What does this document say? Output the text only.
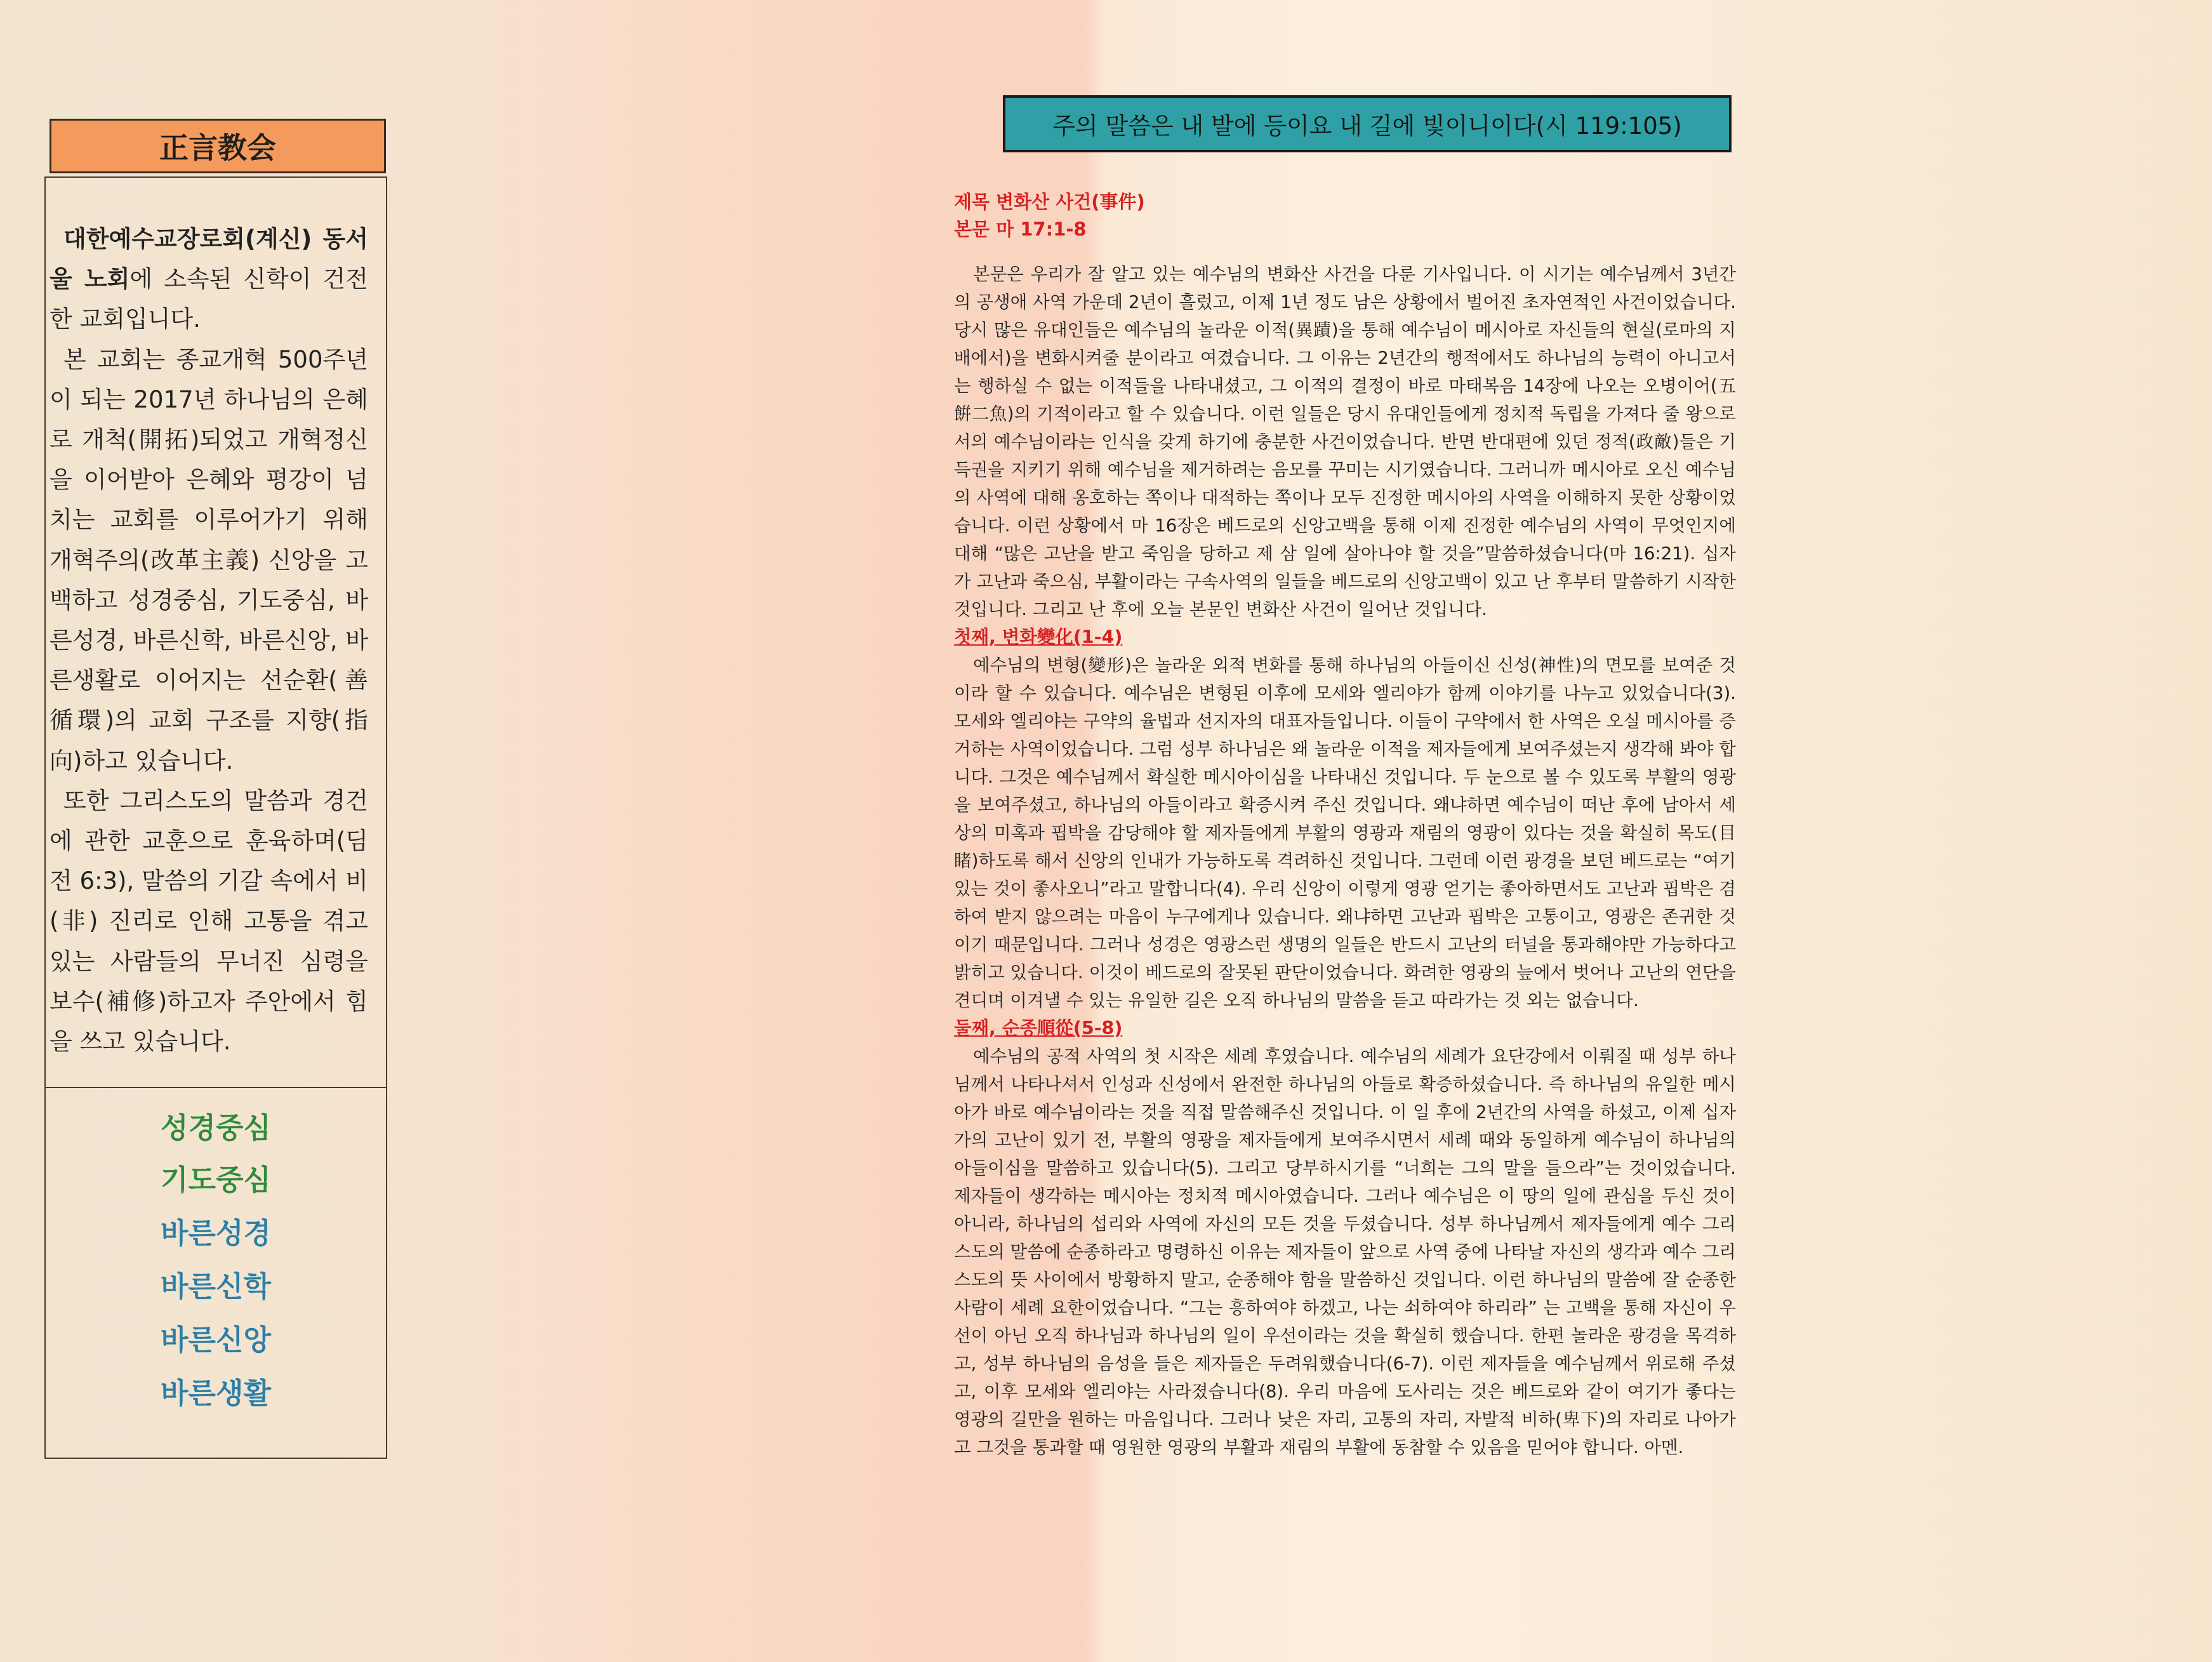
正言教会

대한예수교장로회(계신) 동서울 노회에 소속된 신학이 건전한 교회입니다.

본 교회는 종교개혁 500주년이 되는 2017년 하나님의 은혜로 개척(開拓)되었고 개혁정신을 이어받아 은혜와 평강이 넘치는 교회를 이루어가기 위해 개혁주의(改革主義) 신앙을 고백하고 성경중심, 기도중심, 바른성경, 바른신학, 바른신앙, 바른생활로 이어지는 선순환(善循環)의 교회 구조를 지향(指向)하고 있습니다.

또한 그리스도의 말씀과 경건에 관한 교훈으로 훈육하며(딤전 6:3), 말씀의 기갈 속에서 비(非) 진리로 인해 고통을 겪고 있는 사람들의 무너진 심령을 보수(補修)하고자 주안에서 힘을 쓰고 있습니다.

성경중심
기도중심
바른성경
바른신학
바른신앙
바른생활
주의 말씀은 내 발에 등이요 내 길에 빛이니이다(시 119:105)
제목 변화산 사건(事件)
본문 마 17:1-8

본문은 우리가 잘 알고 있는 예수님의 변화산 사건을 다룬 기사입니다. 이 시기는 예수님께서 3년간의 공생애 사역 가운데 2년이 흘렀고, 이제 1년 정도 남은 상황에서 벌어진 초자연적인 사건이었습니다. 당시 많은 유대인들은 예수님의 놀라운 이적(異蹟)을 통해 예수님이 메시아로 자신들의 현실(로마의 지배에서)을 변화시켜줄 분이라고 여겼습니다. 그 이유는 2년간의 행적에서도 하나님의 능력이 아니고서는 행하실 수 없는 이적들을 나타내셨고, 그 이적의 결정이 바로 마태복음 14장에 나오는 오병이어(五餠二魚)의 기적이라고 할 수 있습니다. 이런 일들은 당시 유대인들에게 정치적 독립을 가져다 줄 왕으로서의 예수님이라는 인식을 갖게 하기에 충분한 사건이었습니다. 반면 반대편에 있던 정적(政敵)들은 기득권을 지키기 위해 예수님을 제거하려는 음모를 꾸미는 시기였습니다. 그러니까 메시아로 오신 예수님의 사역에 대해 옹호하는 쪽이나 대적하는 쪽이나 모두 진정한 메시아의 사역을 이해하지 못한 상황이었습니다. 이런 상황에서 마 16장은 베드로의 신앙고백을 통해 이제 진정한 예수님의 사역이 무엇인지에 대해 “많은 고난을 받고 죽임을 당하고 제 삼 일에 살아나야 할 것을”말씀하셨습니다(마 16:21). 십자가 고난과 죽으심, 부활이라는 구속사역의 일들을 베드로의 신앙고백이 있고 난 후부터 말씀하기 시작한 것입니다. 그리고 난 후에 오늘 본문인 변화산 사건이 일어난 것입니다.

첫째, 변화變化(1-4)

예수님의 변형(變形)은 놀라운 외적 변화를 통해 하나님의 아들이신 신성(神性)의 면모를 보여준 것이라 할 수 있습니다. 예수님은 변형된 이후에 모세와 엘리야가 함께 이야기를 나누고 있었습니다(3). 모세와 엘리야는 구약의 율법과 선지자의 대표자들입니다. 이들이 구약에서 한 사역은 오실 메시아를 증거하는 사역이었습니다. 그럼 성부 하나님은 왜 놀라운 이적을 제자들에게 보여주셨는지 생각해 봐야 합니다. 그것은 예수님께서 확실한 메시아이심을 나타내신 것입니다. 두 눈으로 볼 수 있도록 부활의 영광을 보여주셨고, 하나님의 아들이라고 확증시켜 주신 것입니다. 왜냐하면 예수님이 떠난 후에 남아서 세상의 미혹과 핍박을 감당해야 할 제자들에게 부활의 영광과 재림의 영광이 있다는 것을 확실히 목도(目睹)하도록 해서 신앙의 인내가 가능하도록 격려하신 것입니다. 그런데 이런 광경을 보던 베드로는 “여기 있는 것이 좋사오니”라고 말합니다(4). 우리 신앙이 이렇게 영광 얻기는 좋아하면서도 고난과 핍박은 겸하여 받지 않으려는 마음이 누구에게나 있습니다. 왜냐하면 고난과 핍박은 고통이고, 영광은 존귀한 것이기 때문입니다. 그러나 성경은 영광스런 생명의 일들은 반드시 고난의 터널을 통과해야만 가능하다고 밝히고 있습니다. 이것이 베드로의 잘못된 판단이었습니다. 화려한 영광의 늪에서 벗어나 고난의 연단을 견디며 이겨낼 수 있는 유일한 길은 오직 하나님의 말씀을 듣고 따라가는 것 외는 없습니다.

둘째, 순종順從(5-8)

예수님의 공적 사역의 첫 시작은 세례 후였습니다. 예수님의 세례가 요단강에서 이뤄질 때 성부 하나님께서 나타나셔서 인성과 신성에서 완전한 하나님의 아들로 확증하셨습니다. 즉 하나님의 유일한 메시아가 바로 예수님이라는 것을 직접 말씀해주신 것입니다. 이 일 후에 2년간의 사역을 하셨고, 이제 십자가의 고난이 있기 전, 부활의 영광을 제자들에게 보여주시면서 세례 때와 동일하게 예수님이 하나님의 아들이심을 말씀하고 있습니다(5). 그리고 당부하시기를 “너희는 그의 말을 들으라”는 것이었습니다. 제자들이 생각하는 메시아는 정치적 메시아였습니다. 그러나 예수님은 이 땅의 일에 관심을 두신 것이 아니라, 하나님의 섭리와 사역에 자신의 모든 것을 두셨습니다. 성부 하나님께서 제자들에게 예수 그리스도의 말씀에 순종하라고 명령하신 이유는 제자들이 앞으로 사역 중에 나타날 자신의 생각과 예수 그리스도의 뜻 사이에서 방황하지 말고, 순종해야 함을 말씀하신 것입니다. 이런 하나님의 말씀에 잘 순종한 사람이 세례 요한이었습니다. “그는 흥하여야 하겠고, 나는 쇠하여야 하리라” 는 고백을 통해 자신이 우선이 아닌 오직 하나님과 하나님의 일이 우선이라는 것을 확실히 했습니다. 한편 놀라운 광경을 목격하고, 성부 하나님의 음성을 들은 제자들은 두려워했습니다(6-7). 이런 제자들을 예수님께서 위로해 주셨고, 이후 모세와 엘리야는 사라졌습니다(8). 우리 마음에 도사리는 것은 베드로와 같이 여기가 좋다는 영광의 길만을 원하는 마음입니다. 그러나 낮은 자리, 고통의 자리, 자발적 비하(卑下)의 자리로 나아가고 그것을 통과할 때 영원한 영광의 부활과 재림의 부활에 동참할 수 있음을 믿어야 합니다. 아멘.
